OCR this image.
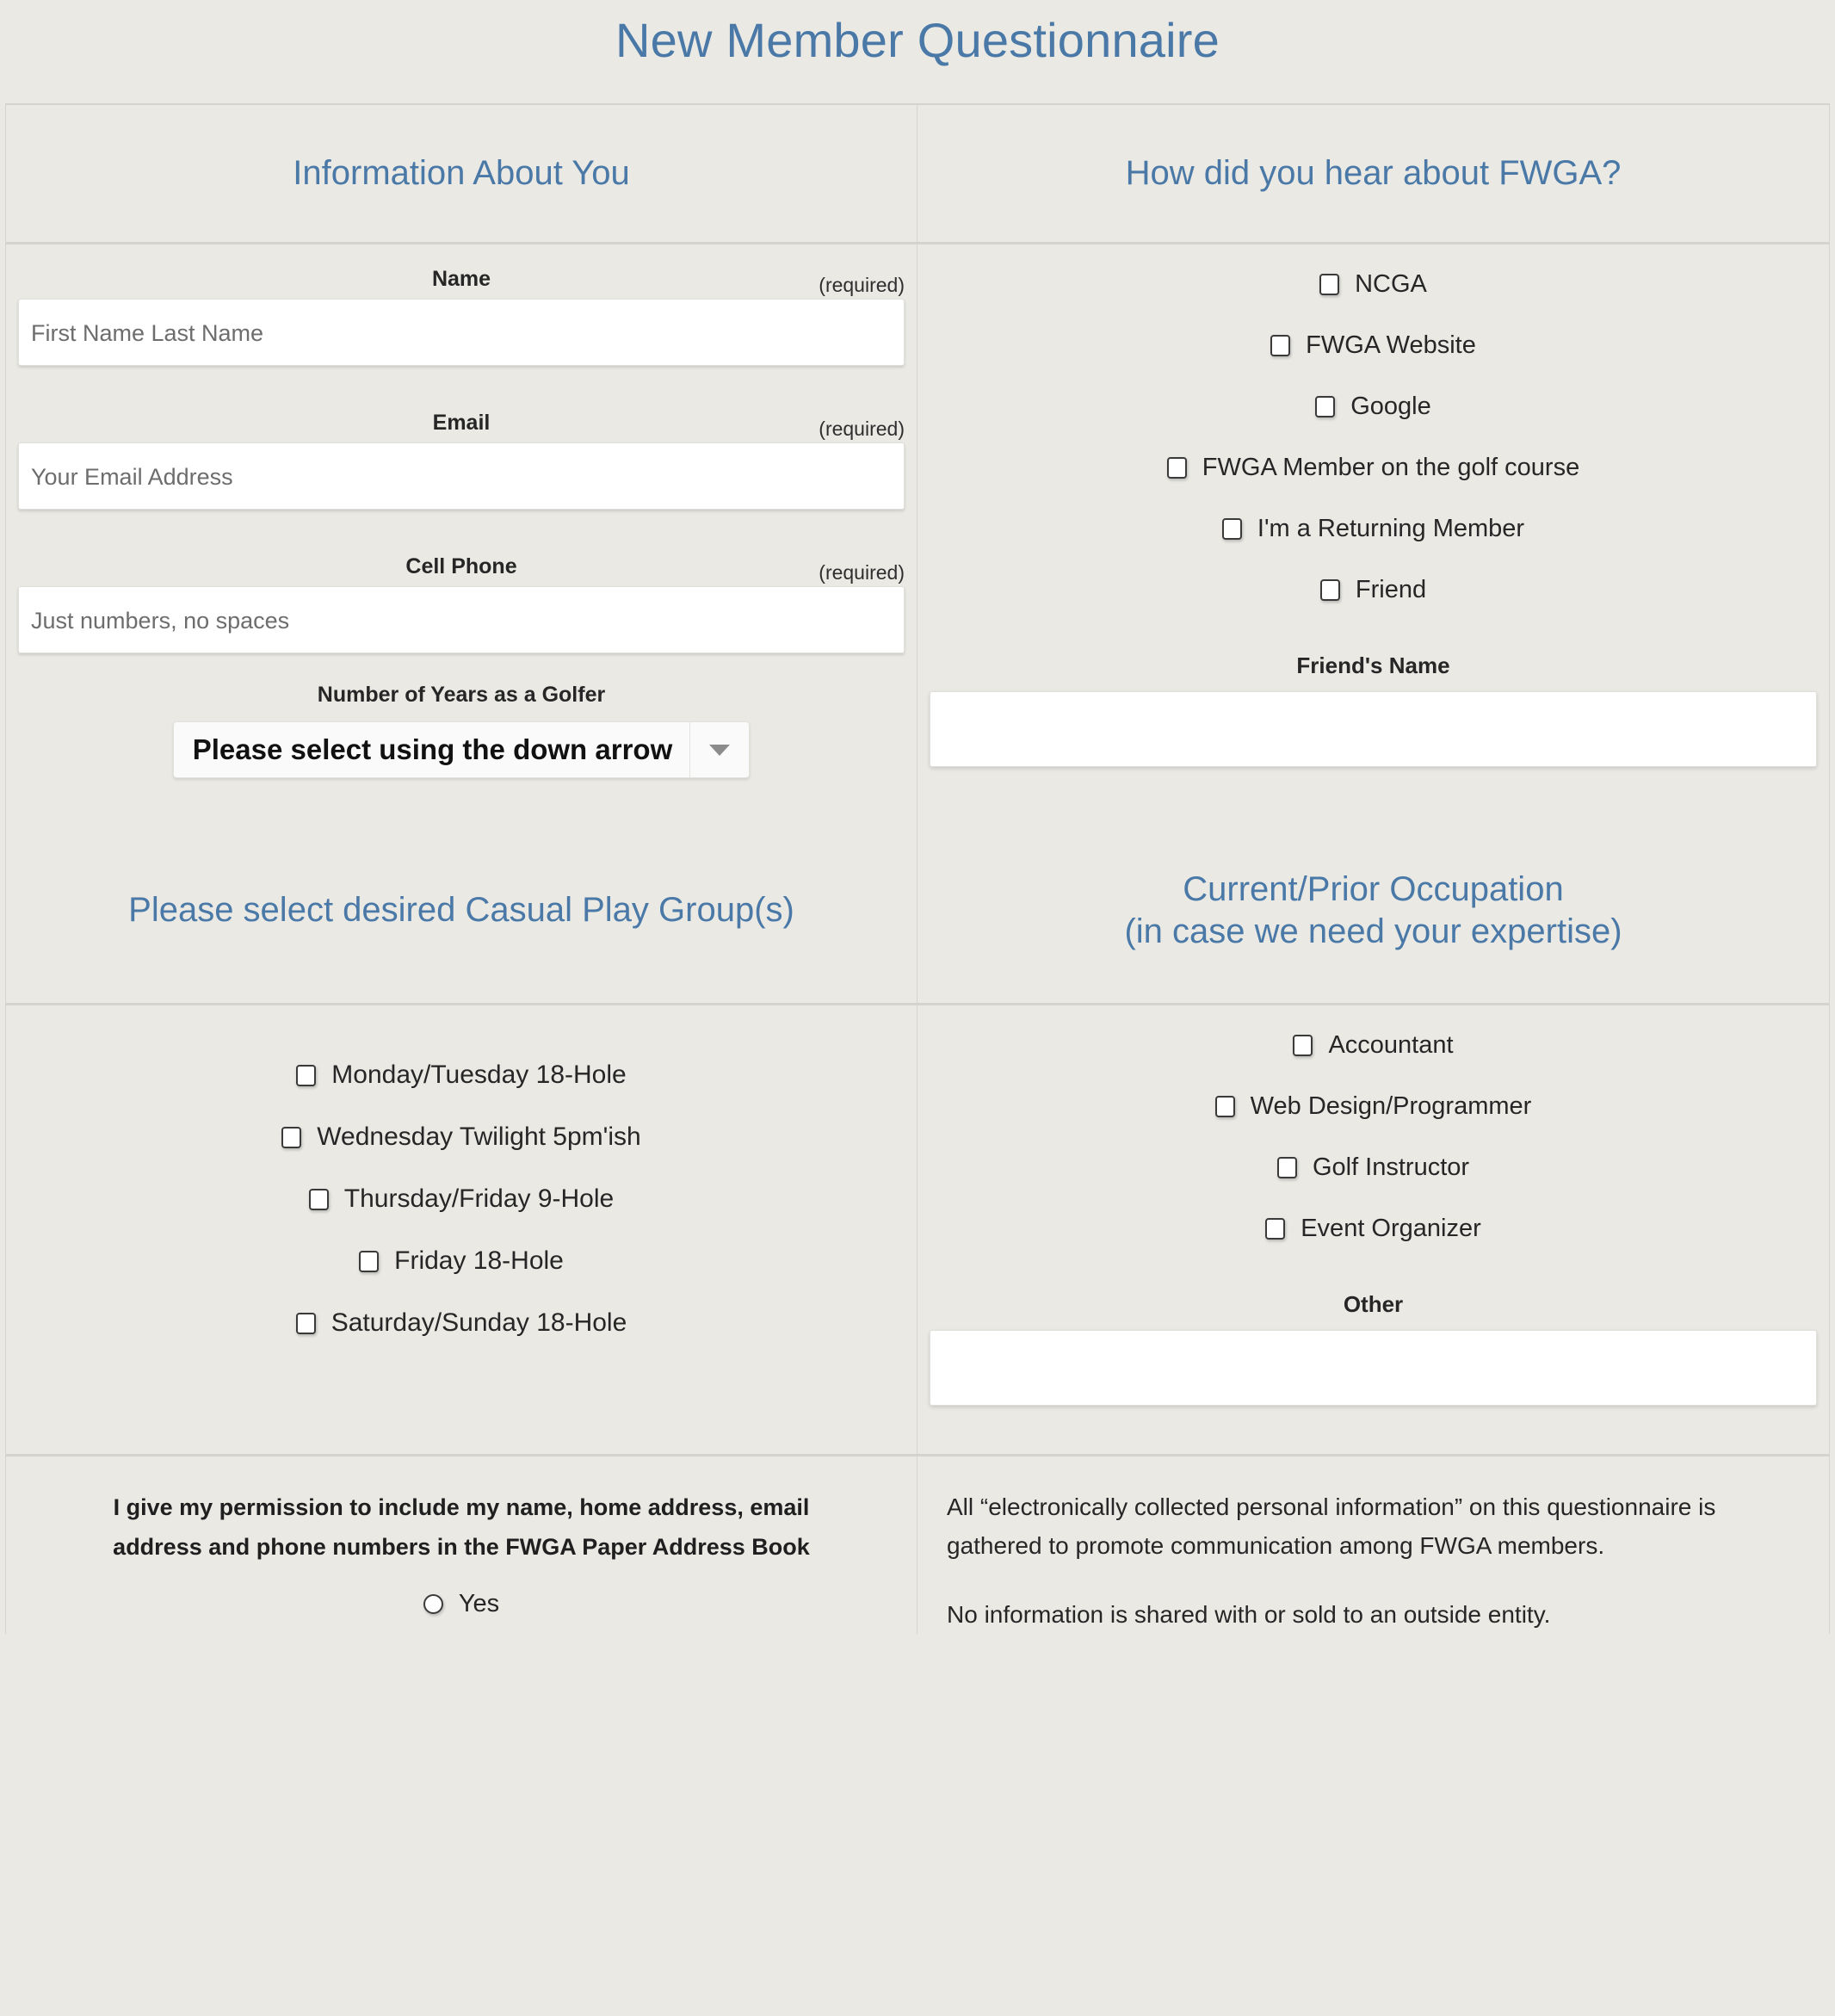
New Member Questionnaire
Information About You	How did you hear about FWGA?
Name	(required)
First Name Last Name
Email	(required)
Your Email Address
Cell Phone	(required)
Just numbers, no spaces
Number of Years as a Golfer
Please select using the down arrow
NCGA
FWGA Website
Google
FWGA Member on the golf course
I'm a Returning Member
Friend
Friend's Name
Please select desired Casual Play Group(s)
Current/Prior Occupation
(in case we need your expertise)
Monday/Tuesday 18-Hole
Wednesday Twilight 5pm'ish
Thursday/Friday 9-Hole
Friday 18-Hole
Saturday/Sunday 18-Hole
Accountant
Web Design/Programmer
Golf Instructor
Event Organizer
Other
I give my permission to include my name, home address, email
address and phone numbers in the FWGA Paper Address Book
Yes

All “electronically collected personal information” on this questionnaire is gathered to promote communication among FWGA members.

No information is shared with or sold to an outside entity.
